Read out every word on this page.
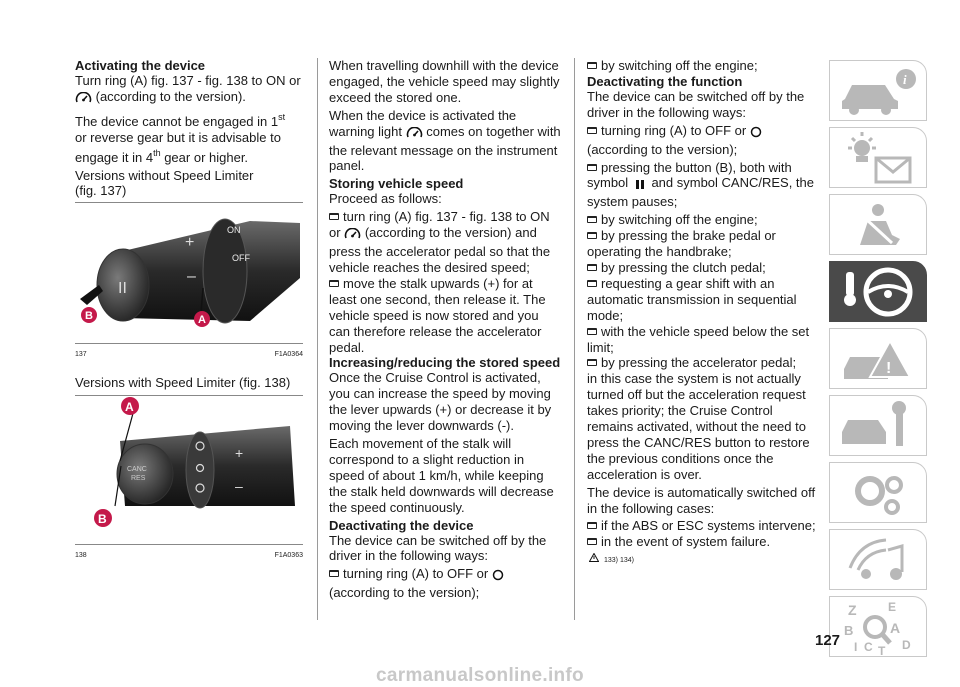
Activating the device

Turn ring (A) fig. 137 - fig. 138 to ON or
(according to the version).

The device cannot be engaged in 1st
or reverse gear but it is advisable to
engage it in 4th gear or higher.

Versions without Speed Limiter (fig. 137)

II
ON
OFF
+
–
B	A
137	F1A0364

Versions with Speed Limiter (fig. 138)

CANC
RES
+
–
A
B
138	F1A0363

When travelling downhill with the device engaged, the vehicle speed may slightly exceed the stored one.

When the device is activated the warning light comes on together with the relevant message on the instrument panel.

Storing vehicle speed

Proceed as follows:

turn ring (A) fig. 137 - fig. 138 to ON
or (according to the version) and press the accelerator pedal so that the vehicle reaches the desired speed;

move the stalk upwards (+) for at least one second, then release it. The vehicle speed is now stored and you can therefore release the accelerator pedal.

Increasing/reducing the stored speed

Once the Cruise Control is activated, you can increase the speed by moving the lever upwards (+) or decrease it by moving the lever downwards (-).

Each movement of the stalk will correspond to a slight reduction in speed of about 1 km/h, while keeping the stalk held downwards will decrease the speed continuously.

Deactivating the device

The device can be switched off by the driver in the following ways:

turning ring (A) to OFF or

(according to the version);

by switching off the engine;

Deactivating the function

The device can be switched off by the driver in the following ways:

turning ring (A) to OFF or

(according to the version);

pressing the button (B), both with

symbol and symbol CANC/RES, the system pauses;

by switching off the engine;

by pressing the brake pedal or operating the handbrake;

by pressing the clutch pedal;

requesting a gear shift with an automatic transmission in sequential mode;

with the vehicle speed below the set limit;

by pressing the accelerator pedal;

in this case the system is not actually turned off but the acceleration request takes priority; the Cruise Control remains activated, without the need to press the CANC/RES button to restore the previous conditions once the acceleration is over.

The device is automatically switched off in the following cases:

if the ABS or ESC systems intervene;

in the event of system failure.

133) 134)
i
!
Z	E
B	A
I C T D
127
carmanualsonline.info
